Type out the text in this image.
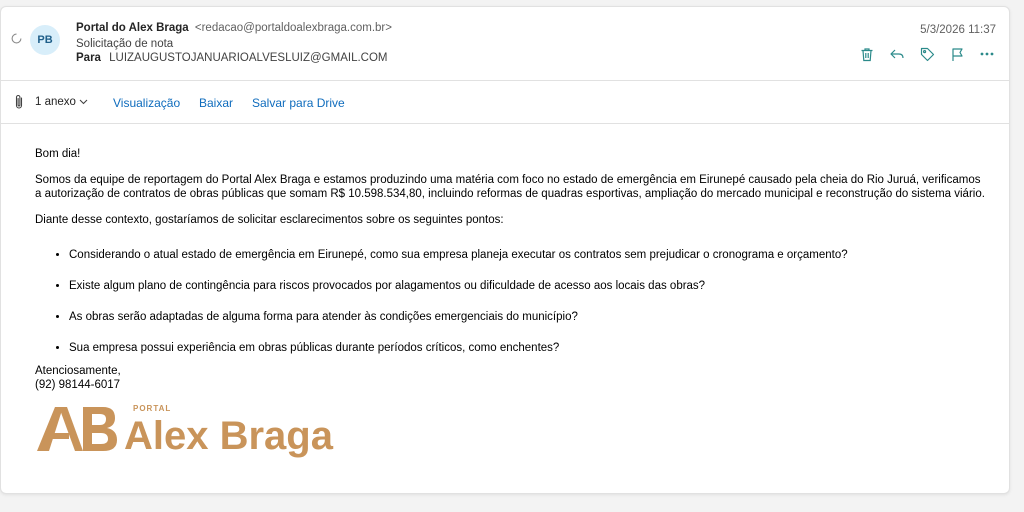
PB
Portal do Alex Braga <redacao@portaldoalexbraga.com.br>
Solicitação de nota
Para LUIZAUGUSTOJANUARIOALVESLUIZ@GMAIL.COM
5/3/2026 11:37
1 anexo	Visualização Baixar Salvar para Drive

Bom dia!

Somos da equipe de reportagem do Portal Alex Braga e estamos produzindo uma matéria com foco no estado de emergência em Eirunepé causado pela cheia do Rio Juruá, verificamos a autorização de contratos de obras públicas que somam R$ 10.598.534,80, incluindo reformas de quadras esportivas, ampliação do mercado municipal e reconstrução do sistema viário.

Diante desse contexto, gostaríamos de solicitar esclarecimentos sobre os seguintes pontos:

• Considerando o atual estado de emergência em Eirunepé, como sua empresa planeja executar os contratos sem prejudicar o cronograma e orçamento?
• Existe algum plano de contingência para riscos provocados por alagamentos ou dificuldade de acesso aos locais das obras?
• As obras serão adaptadas de alguma forma para atender às condições emergenciais do município?
• Sua empresa possui experiência em obras públicas durante períodos críticos, como enchentes?

Atenciosamente,

(92) 98144-6017

PORTAL
Alex Braga
